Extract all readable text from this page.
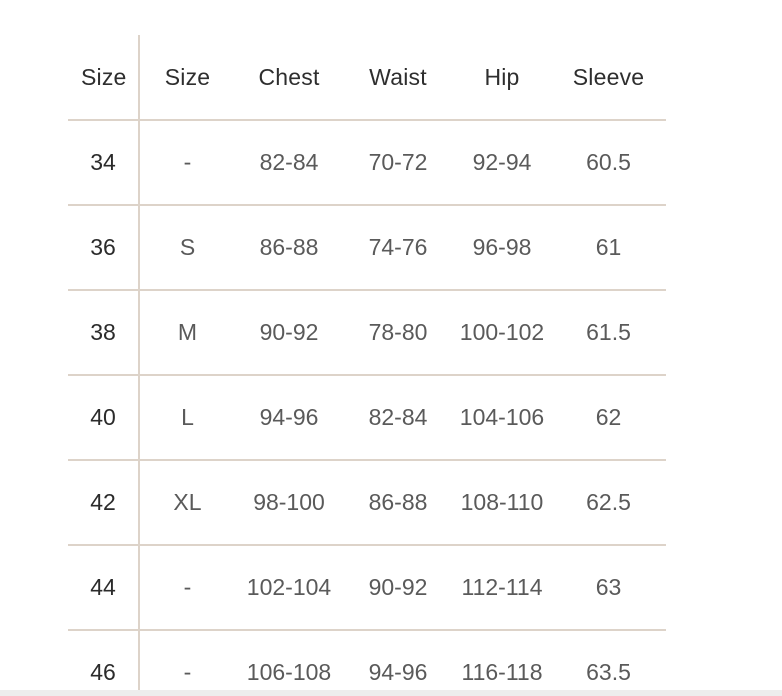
Size	Size	Chest	Waist	Hip	Sleeve
34	-	82-84	70-72	92-94	60.5
36	S	86-88	74-76	96-98	61
38	M	90-92	78-80	100-102	61.5
40	L	94-96	82-84	104-106	62
42	XL	98-100	86-88	108-110	62.5
44	-	102-104	90-92	112-114	63
46	-	106-108	94-96	116-118	63.5
